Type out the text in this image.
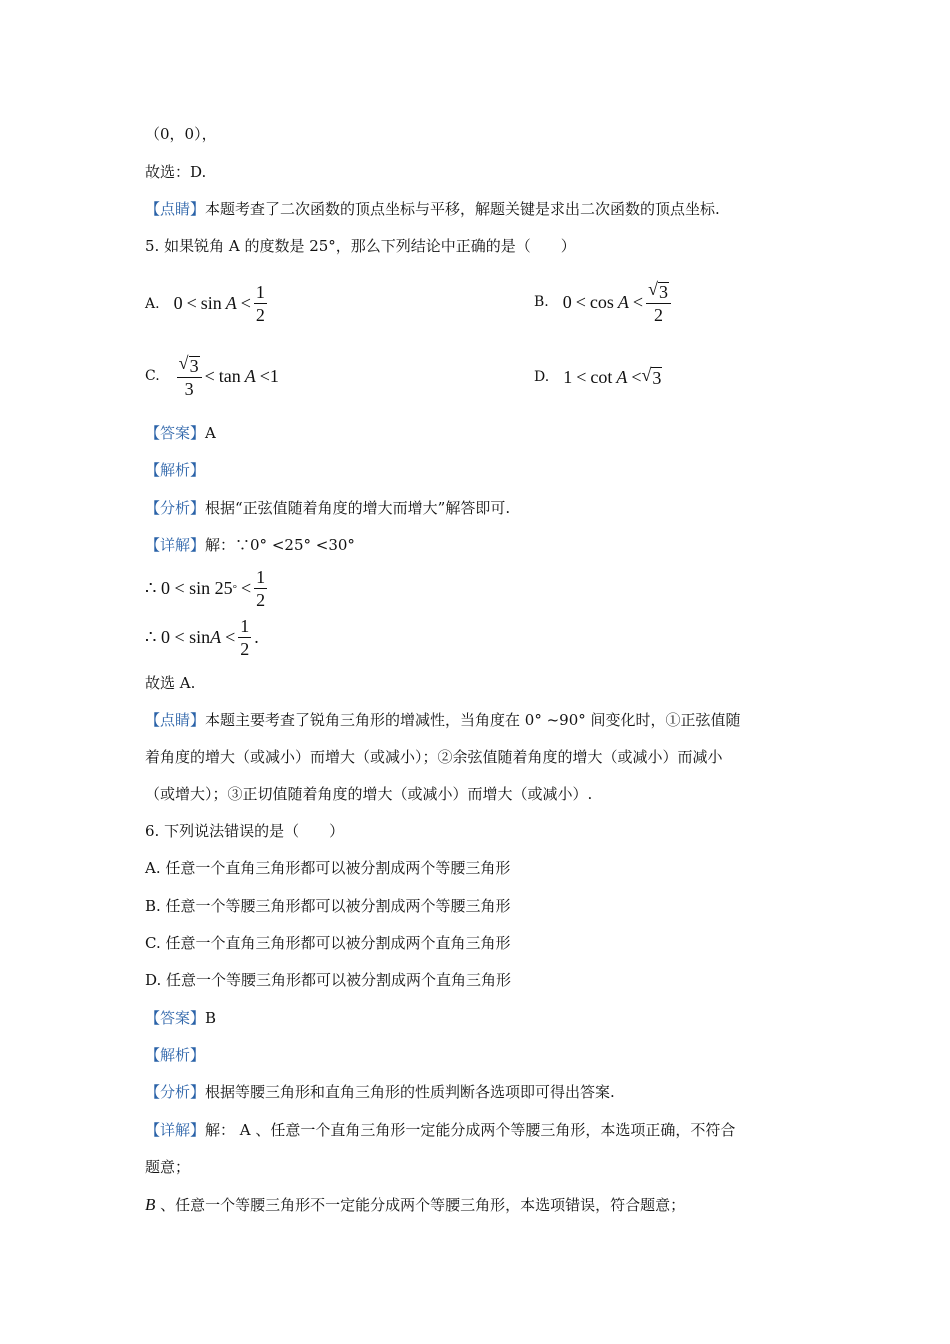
（0，0），
故选：D.
【点睛】本题考查了二次函数的顶点坐标与平移，解题关键是求出二次函数的顶点坐标.
5. 如果锐角 A 的度数是 25°，那么下列结论中正确的是（　　）
A. $0 < \sin A < \frac{1}{2}$	B. $0 < \cos A < \frac{√ 3}{2}$
C. $\frac{√ 3}{3} < \tan A < 1$	D. 1 < cot A < √ 3
【答案】A
【解析】
【分析】根据“正弦值随着角度的增大而增大”解答即可.
【详解】解：∵0° <25° <30°
∴ 0 < sin 25 ° < $\frac{1}{2}$
∴ $0 < \sin A < \frac{1}{2}$ .
故选 A.
【点睛】本题主要考查了锐角三角形的增减性，当角度在 0° ~90° 间变化时，①正弦值随
着角度的增大（或减小）而增大（或减小）；②余弦值随着角度的增大（或减小）而减小
（或增大）；③正切值随着角度的增大（或减小）而增大（或减小）.
6. 下列说法错误的是（　　）
A. 任意一个直角三角形都可以被分割成两个等腰三角形
B. 任意一个等腰三角形都可以被分割成两个等腰三角形
C. 任意一个直角三角形都可以被分割成两个直角三角形
D. 任意一个等腰三角形都可以被分割成两个直角三角形
【答案】B
【解析】
【分析】根据等腰三角形和直角三角形的性质判断各选项即可得出答案.
【详解】解： A 、任意一个直角三角形一定能分成两个等腰三角形，本选项正确，不符合
题意；
B 、任意一个等腰三角形不一定能分成两个等腰三角形，本选项错误，符合题意；
